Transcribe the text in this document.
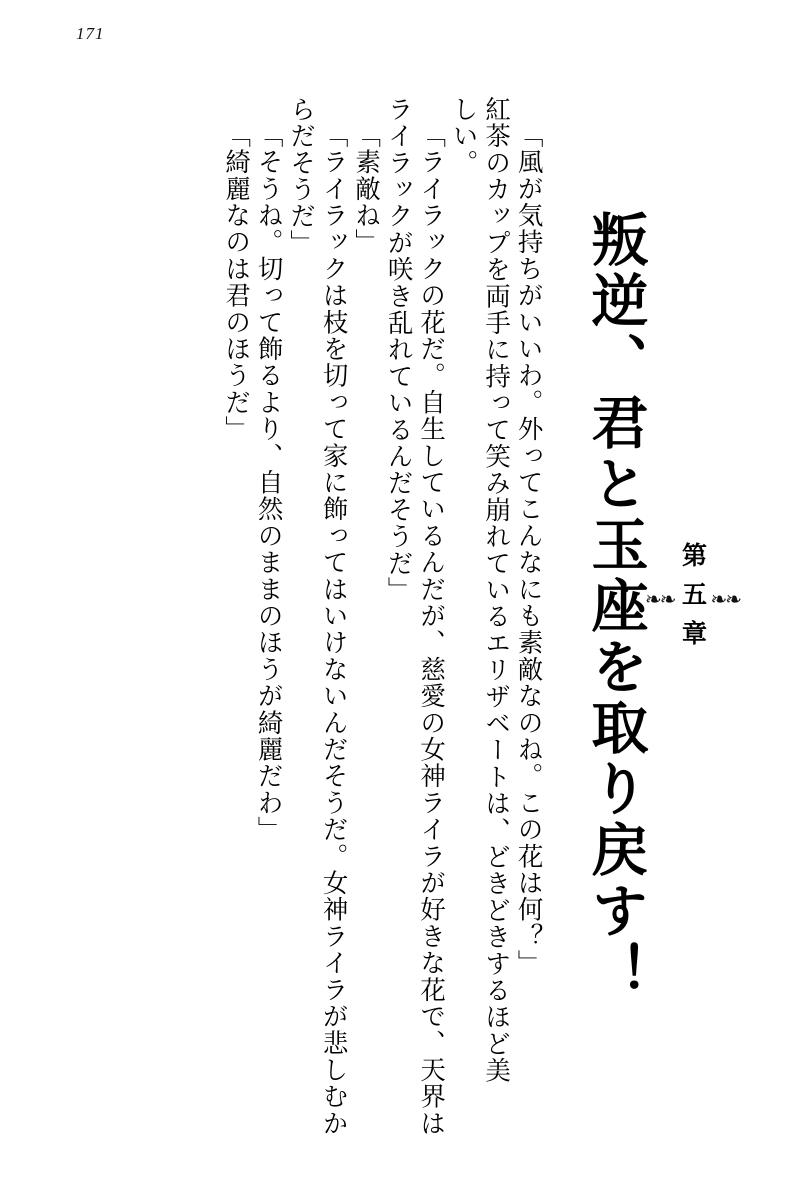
171
❧❧
第五章
❧❧
叛逆、君と玉座を取り戻す！
「風が気持ちがいいわ。外ってこんなにも素敵なのね。この花は何？」
紅茶のカップを両手に持って笑み崩れているエリザベートは、どきどきするほど美
しい。
「ライラックの花だ。自生しているんだが、慈愛の女神ライラが好きな花で、天界は
ライラックが咲き乱れているんだそうだ」
「素敵ね」
「ライラックは枝を切って家に飾ってはいけないんだそうだ。女神ライラが悲しむか
らだそうだ」
「そうね。切って飾るより、自然のままのほうが綺麗だわ」
「綺麗なのは君のほうだ」
